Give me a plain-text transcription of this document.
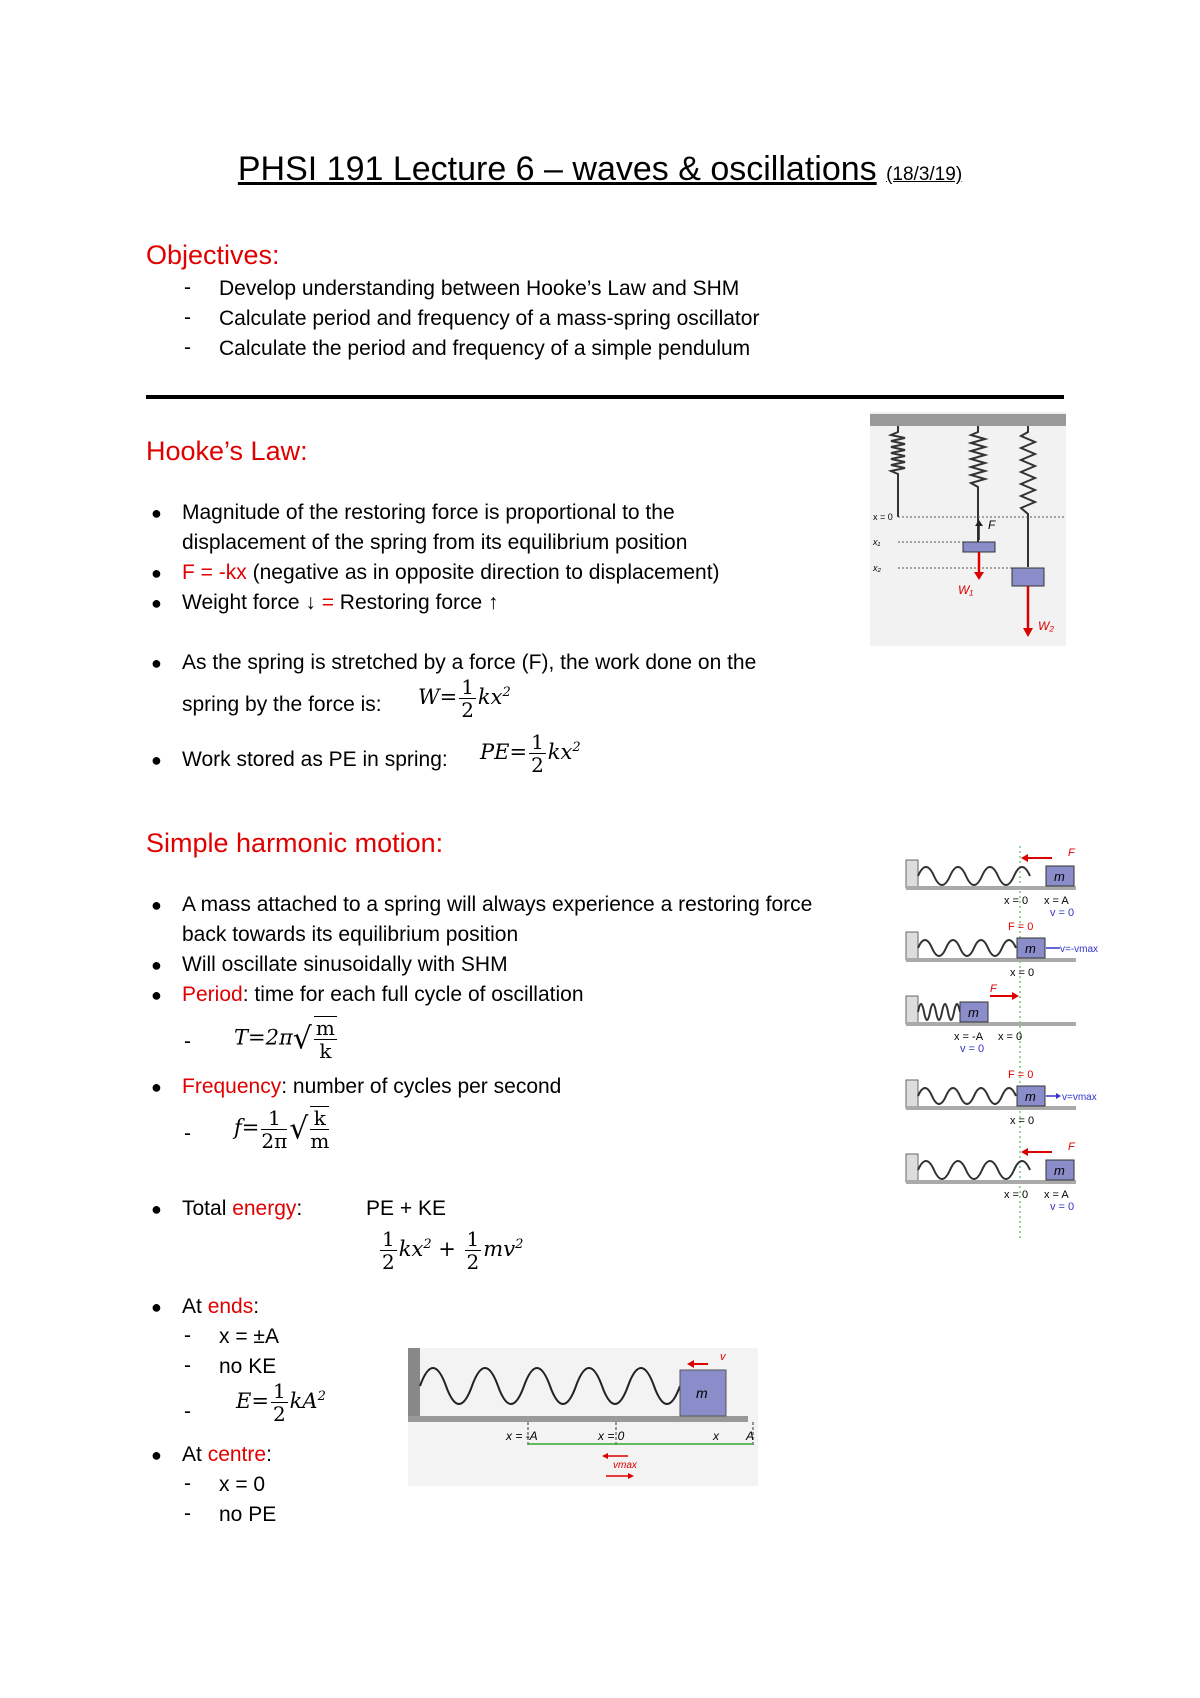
PHSI 191 Lecture 6 – waves & oscillations (18/3/19)
Objectives:
- Develop understanding between Hooke’s Law and SHM
- Calculate period and frequency of a mass-spring oscillator
- Calculate the period and frequency of a simple pendulum
Hooke’s Law:
● Magnitude of the restoring force is proportional to the
displacement of the spring from its equilibrium position
● F = -kx (negative as in opposite direction to displacement)
● Weight force ↓ = Restoring force ↑
● As the spring is stretched by a force (F), the work done on the
spring by the force is: $W= \frac{1}{2} kx^2$
● Work stored as PE in spring: $PE= \frac{1}{2} kx^2$
Simple harmonic motion:
● A mass attached to a spring will always experience a restoring force
back towards its equilibrium position
● Will oscillate sinusoidally with SHM
● Period: time for each full cycle of oscillation
- $T=2\pi√ \frac{m}{k}$
● Frequency: number of cycles per second
- $f= \frac{1}{2\pi}$ √ $\frac{k}{m}$
● Total energy:	PE + KE
$\frac{1}{2} kx^2 + \frac{1}{2} mv^2$
● At ends:
- x = ±A
- no KE
- $E= \frac{1}{2} kA^2$
● At centre:
- x = 0
- no PE
x = 0
x₁
x₂
F
W₁
W₂
m
F
x = 0 x = A
v = 0
m
F = 0
v=-vmax
x = 0
m
F
x = -A x = 0
v = 0
m
F = 0
v=vmax
x = 0
m
F
x = 0 x = A
v = 0
m
v
x = -A	x = 0	x A
vmax
